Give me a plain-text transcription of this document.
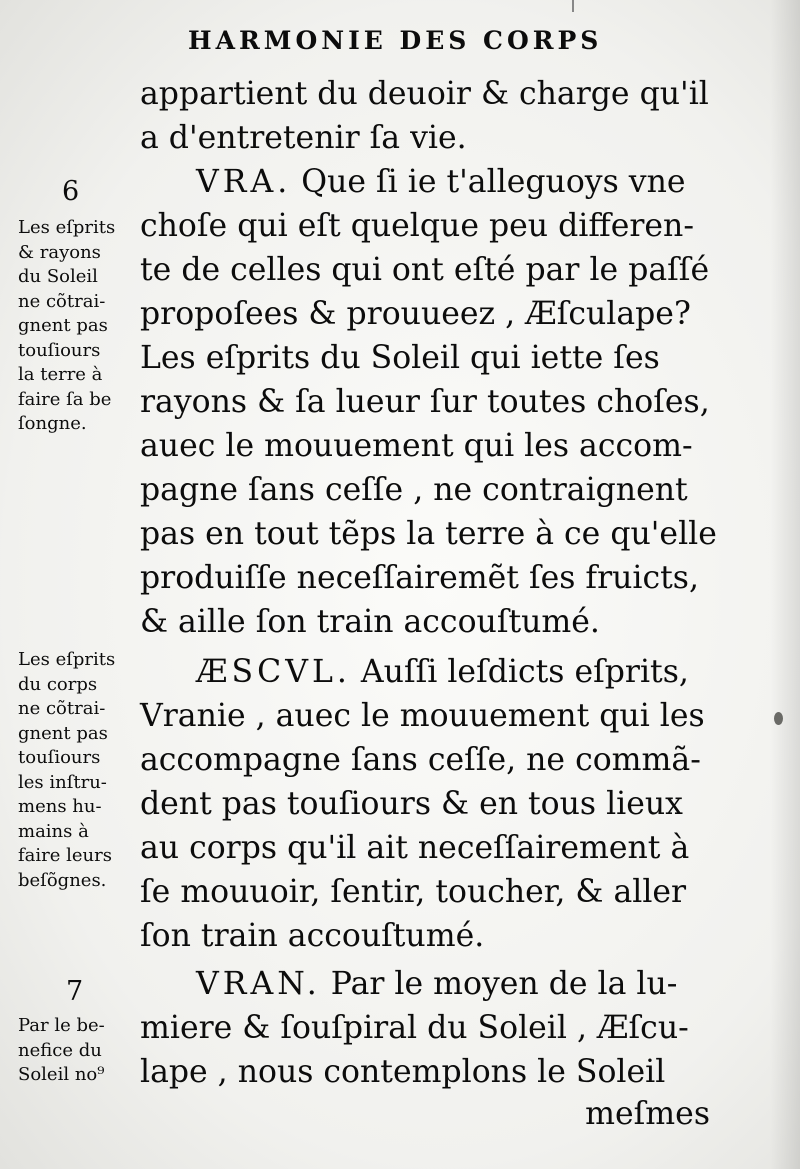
HARMONIE DES CORPS
appartient du deuoir & charge qu'il
a d'entretenir ſa vie.
VRA. Que ſi ie t'alleguoys vne
choſe qui eſt quelque peu differen-
te de celles qui ont eſté par le paſſé
propoſees & prouueez , Æſculape?
Les eſprits du Soleil qui iette ſes
rayons & ſa lueur ſur toutes choſes,
auec le mouuement qui les accom-
pagne ſans ceſſe , ne contraignent
pas en tout tẽps la terre à ce qu'elle
produiſſe neceſſairemẽt ſes fruicts,
& aille ſon train accouſtumé.
ÆSCVL. Auſſi leſdicts eſprits,
Vranie , auec le mouuement qui les
accompagne ſans ceſſe, ne commã-
dent pas touſiours & en tous lieux
au corps qu'il ait neceſſairement à
ſe mouuoir, ſentir, toucher, & aller
ſon train accouſtumé.
VRAN. Par le moyen de la lu-
miere & ſouſpiral du Soleil , Æſcu-
lape , nous contemplons le Soleil
meſmes
6
Les eſprits
& rayons
du Soleil
ne cõtrai-
gnent pas
touſiours
la terre à
faire ſa be
ſongne.
Les eſprits
du corps
ne cõtrai-
gnent pas
touſiours
les inſtru-
mens hu-
mains à
faire leurs
beſõgnes.
7
Par le be-
nefice du
Soleil no⁹
